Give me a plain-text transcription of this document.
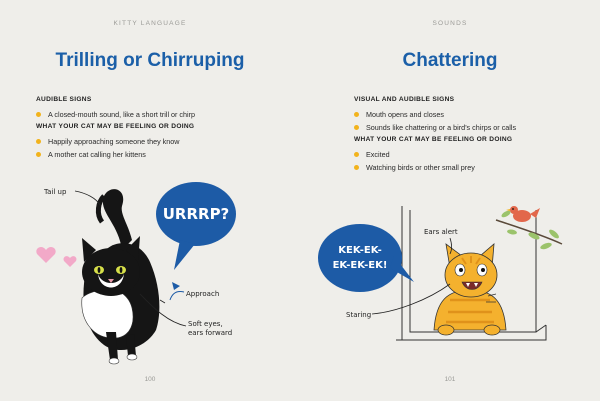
KITTY LANGUAGE
Trilling or Chirruping
AUDIBLE SIGNS
A closed-mouth sound, like a short trill or chirp
WHAT YOUR CAT MAY BE FEELING OR DOING
Happily approaching someone they know
A mother cat calling her kittens
URRRP?
Tail up
Approach
Soft eyes,
ears forward
100
SOUNDS
Chattering
VISUAL AND AUDIBLE SIGNS
Mouth opens and closes
Sounds like chattering or a bird’s chirps or calls
WHAT YOUR CAT MAY BE FEELING OR DOING
Excited
Watching birds or other small prey
KEK-EK-
EK-EK-EK!
Ears alert
Staring
101
